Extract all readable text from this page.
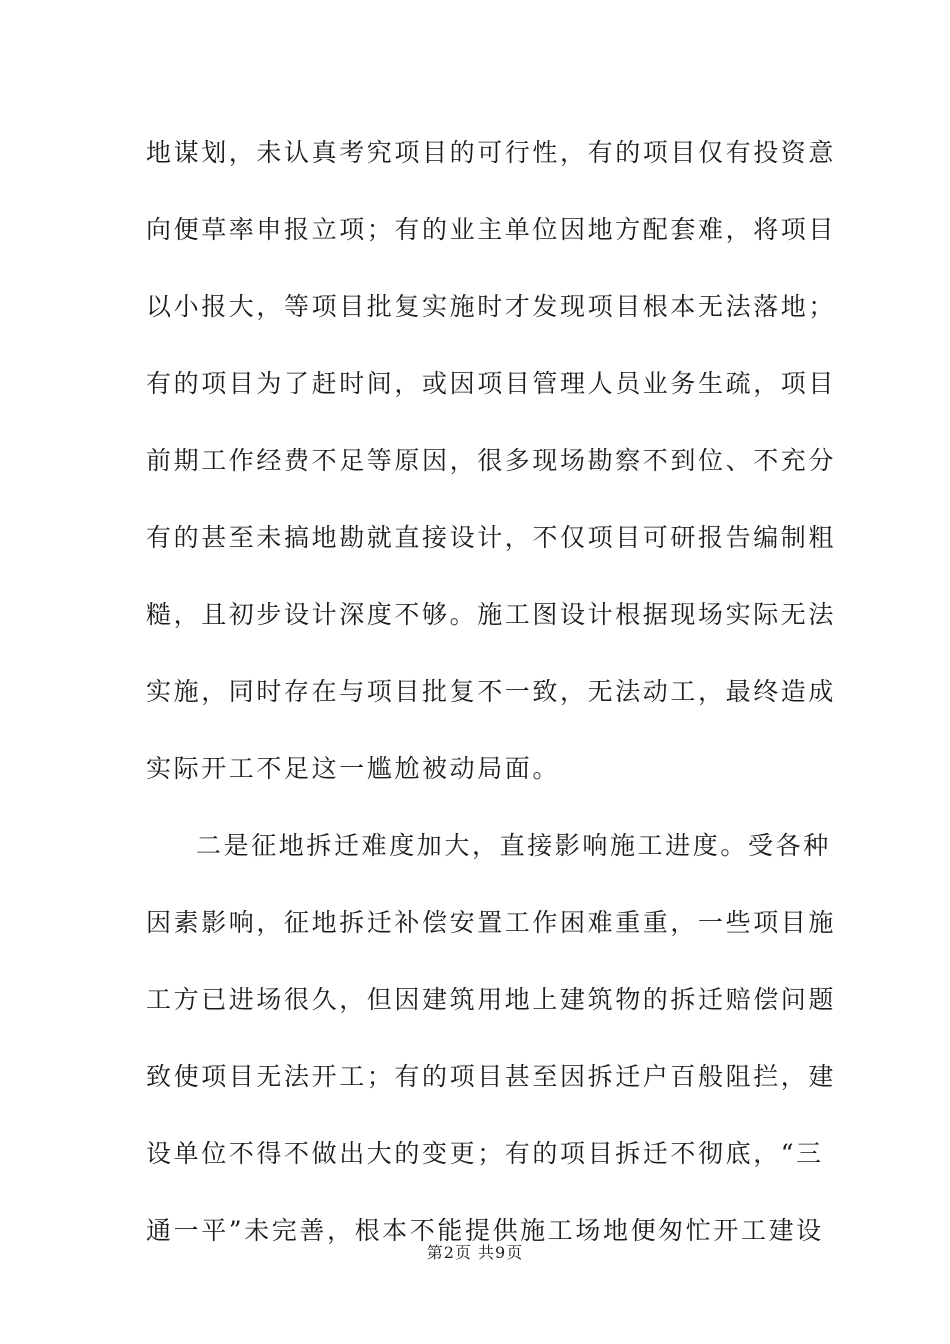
地谋划，未认真考究项目的可行性，有的项目仅有投资意
向便草率申报立项；有的业主单位因地方配套难，将项目
以小报大，等项目批复实施时才发现项目根本无法落地；
有的项目为了赶时间，或因项目管理人员业务生疏，项目
前期工作经费不足等原因，很多现场勘察不到位、不充分
有的甚至未搞地勘就直接设计，不仅项目可研报告编制粗
糙，且初步设计深度不够。施工图设计根据现场实际无法
实施，同时存在与项目批复不一致，无法动工，最终造成
实际开工不足这一尴尬被动局面。
二是征地拆迁难度加大，直接影响施工进度。受各种
因素影响，征地拆迁补偿安置工作困难重重，一些项目施
工方已进场很久，但因建筑用地上建筑物的拆迁赔偿问题
致使项目无法开工；有的项目甚至因拆迁户百般阻拦，建
设单位不得不做出大的变更；有的项目拆迁不彻底，“三
通一平”未完善，根本不能提供施工场地便匆忙开工建设
第2页 共9页
